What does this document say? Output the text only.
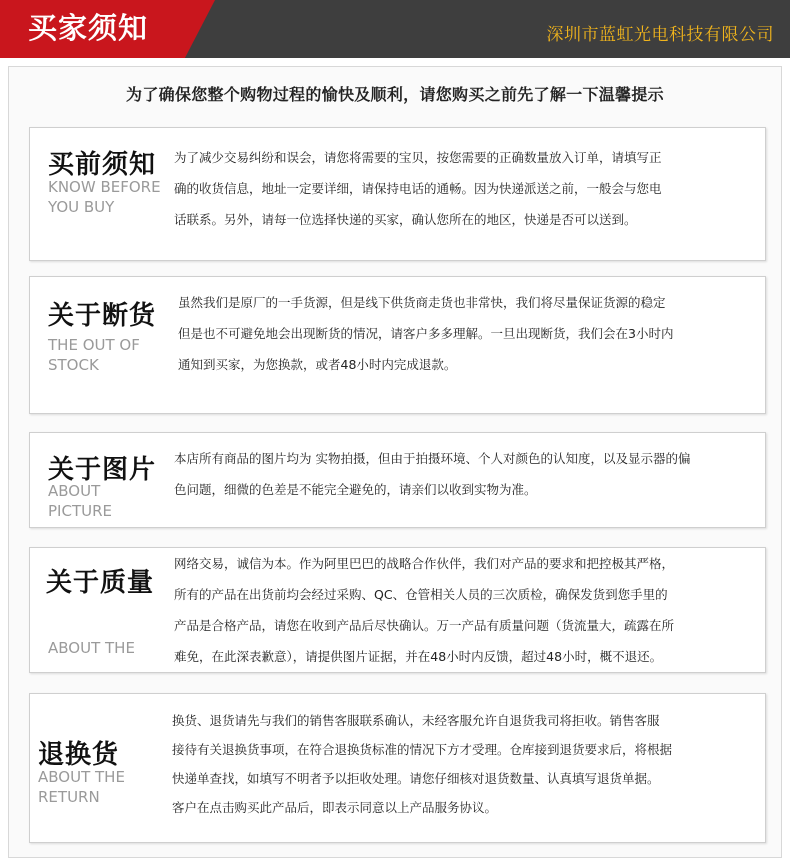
买家须知	深圳市蓝虹光电科技有限公司
为了确保您整个购物过程的愉快及顺利，请您购买之前先了解一下温馨提示
买前须知
KNOW BEFORE
YOU BUY
为了减少交易纠纷和误会，请您将需要的宝贝，按您需要的正确数量放入订单，请填写正
确的收货信息，地址一定要详细，请保持电话的通畅。因为快递派送之前，一般会与您电
话联系。另外，请每一位选择快递的买家，确认您所在的地区，快递是否可以送到。
关于断货
THE OUT OF
STOCK
虽然我们是原厂的一手货源，但是线下供货商走货也非常快，我们将尽量保证货源的稳定
但是也不可避免地会出现断货的情况，请客户多多理解。一旦出现断货，我们会在3小时内
通知到买家，为您换款，或者48小时内完成退款。
关于图片
ABOUT
PICTURE
本店所有商品的图片均为 实物拍摄，但由于拍摄环境、个人对颜色的认知度，以及显示器的偏
色问题，细微的色差是不能完全避免的，请亲们以收到实物为准。
关于质量

ABOUT THE

网络交易，诚信为本。作为阿里巴巴的战略合作伙伴，我们对产品的要求和把控极其严格，
所有的产品在出货前均会经过采购、QC、仓管相关人员的三次质检，确保发货到您手里的
产品是合格产品，请您在收到产品后尽快确认。万一产品有质量问题（货流量大，疏露在所
难免，在此深表歉意），请提供图片证据，并在48小时内反馈，超过48小时，概不退还。
退换货
ABOUT THE
RETURN
换货、退货请先与我们的销售客服联系确认，未经客服允许自退货我司将拒收。销售客服
接待有关退换货事项，在符合退换货标准的情况下方才受理。仓库接到退货要求后，将根据
快递单查找，如填写不明者予以拒收处理。请您仔细核对退货数量、认真填写退货单据。
客户在点击购买此产品后，即表示同意以上产品服务协议。
